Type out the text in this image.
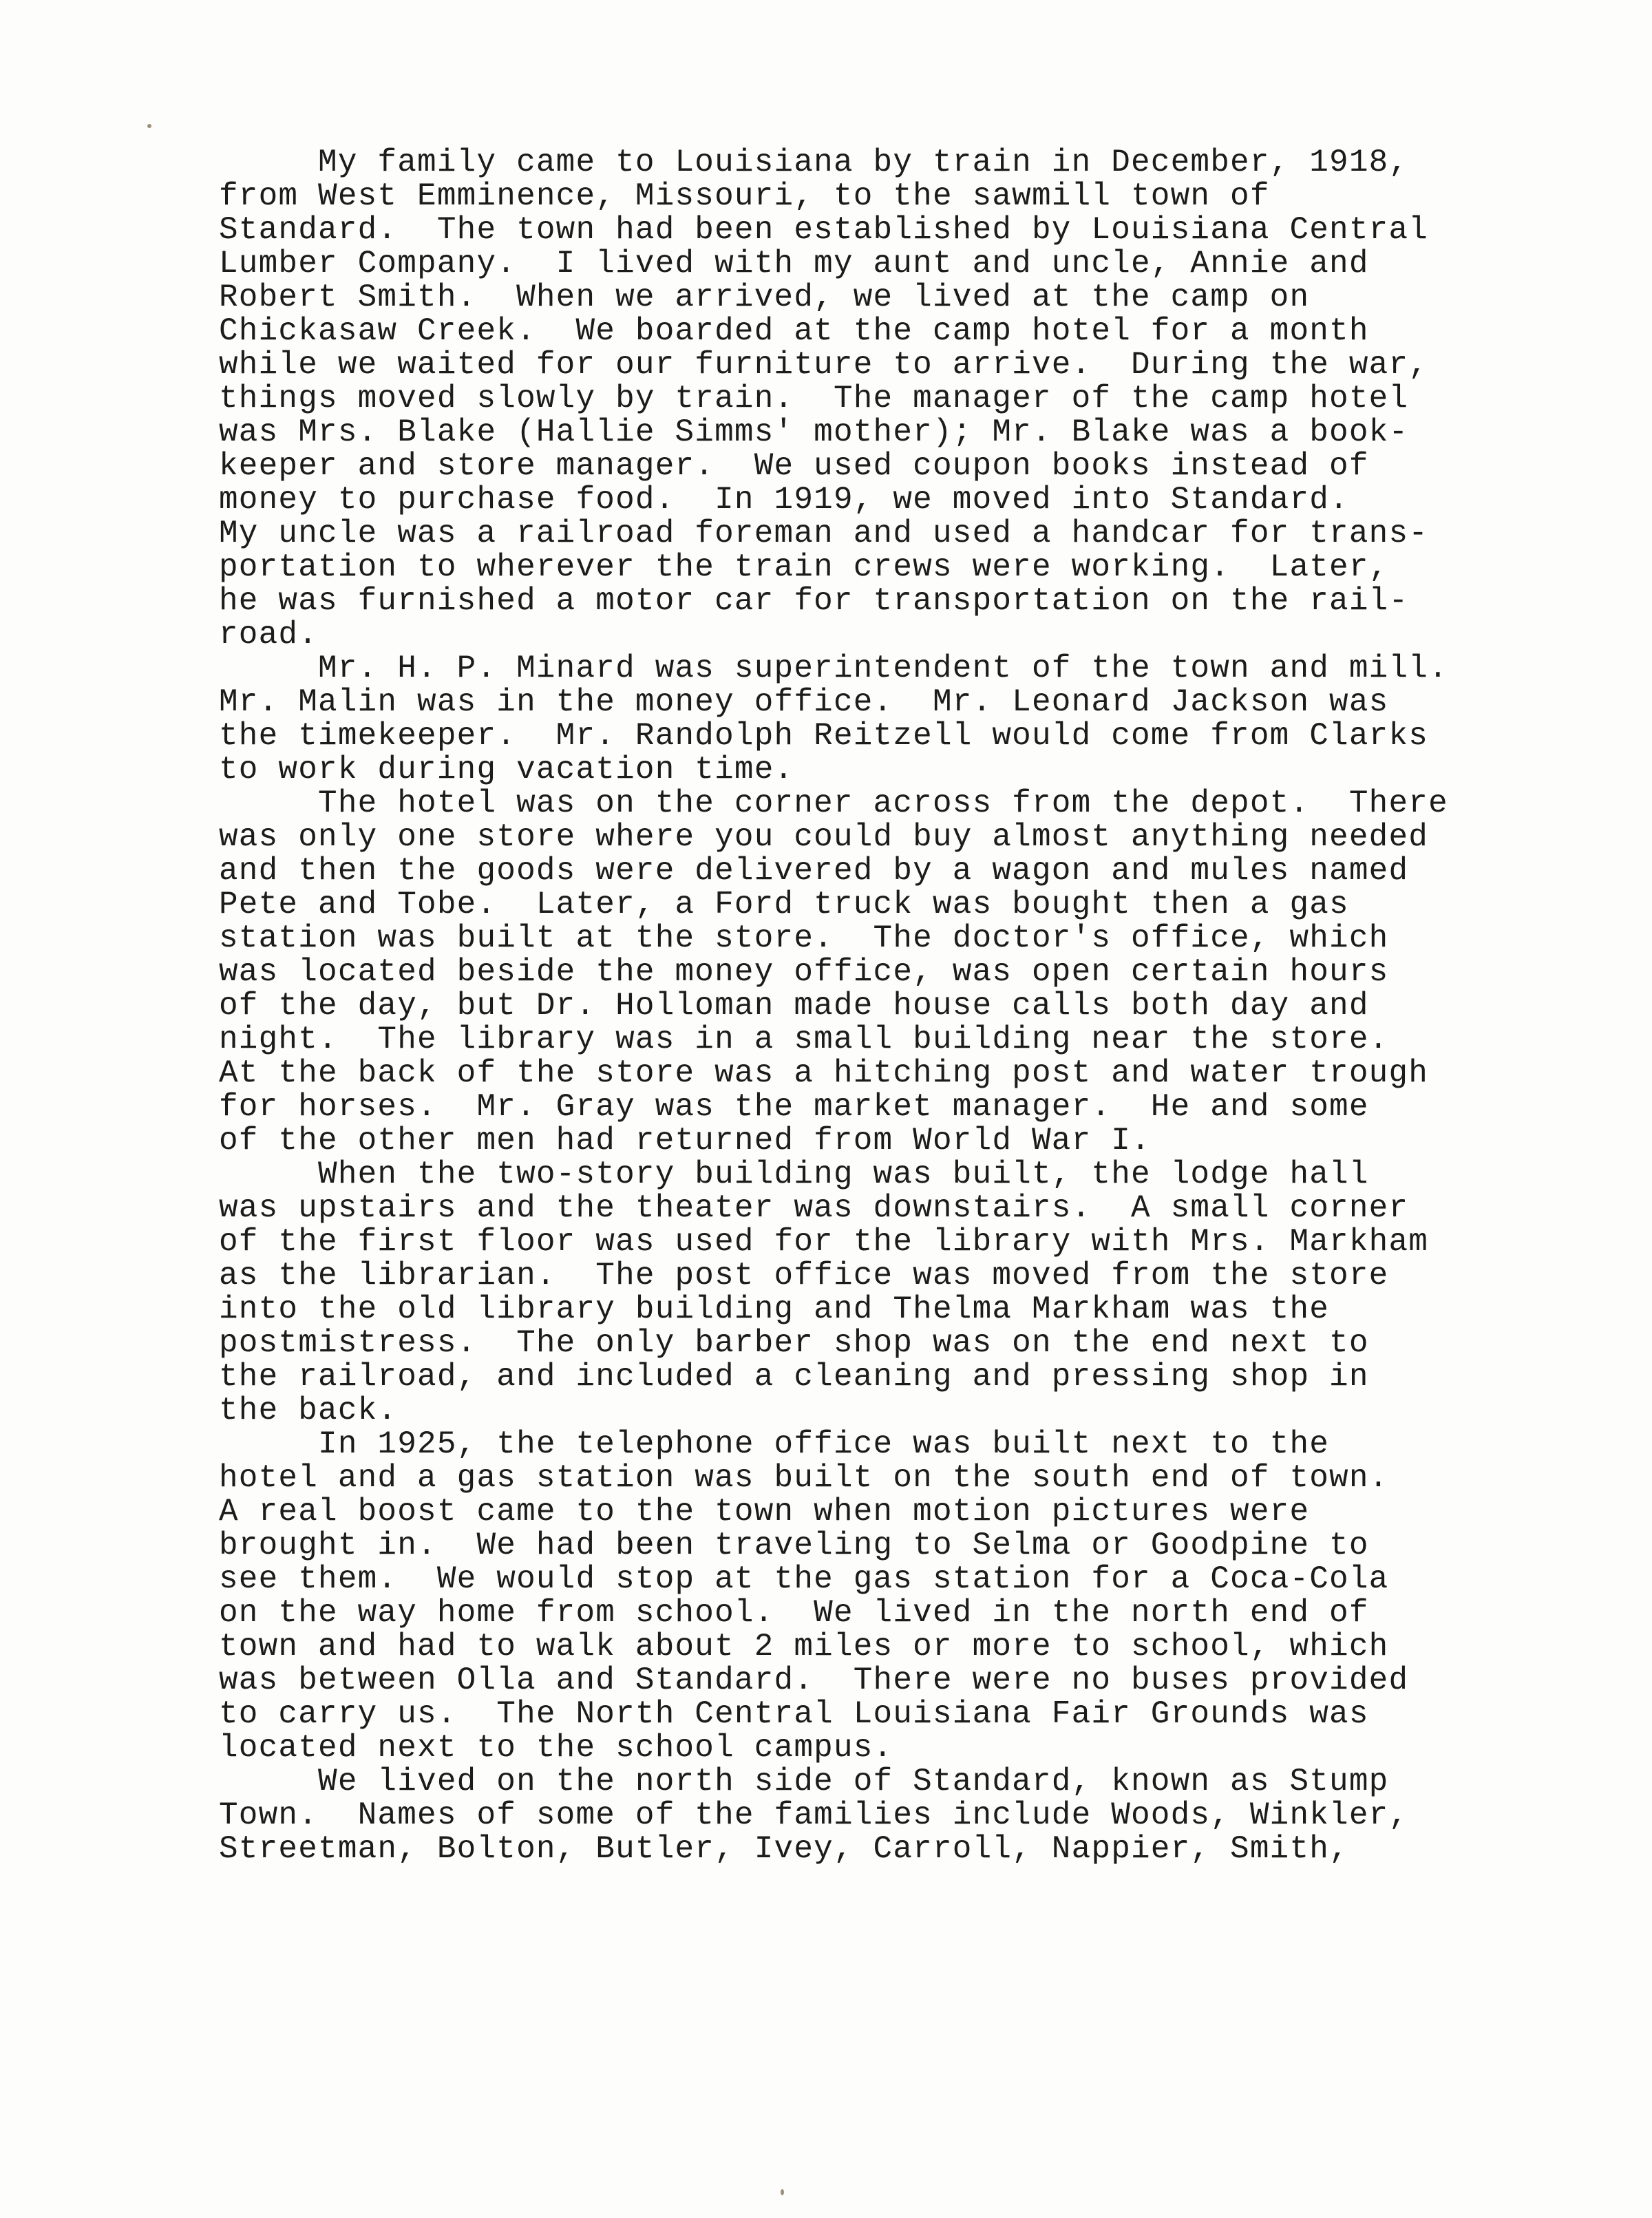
My family came to Louisiana by train in December, 1918,
from West Emminence, Missouri, to the sawmill town of
Standard.  The town had been established by Louisiana Central
Lumber Company.  I lived with my aunt and uncle, Annie and
Robert Smith.  When we arrived, we lived at the camp on
Chickasaw Creek.  We boarded at the camp hotel for a month
while we waited for our furniture to arrive.  During the war,
things moved slowly by train.  The manager of the camp hotel
was Mrs. Blake (Hallie Simms' mother); Mr. Blake was a book-
keeper and store manager.  We used coupon books instead of
money to purchase food.  In 1919, we moved into Standard.
My uncle was a railroad foreman and used a handcar for trans-
portation to wherever the train crews were working.  Later,
he was furnished a motor car for transportation on the rail-
road.
Mr. H. P. Minard was superintendent of the town and mill.
Mr. Malin was in the money office.  Mr. Leonard Jackson was
the timekeeper.  Mr. Randolph Reitzell would come from Clarks
to work during vacation time.
The hotel was on the corner across from the depot.  There
was only one store where you could buy almost anything needed
and then the goods were delivered by a wagon and mules named
Pete and Tobe.  Later, a Ford truck was bought then a gas
station was built at the store.  The doctor's office, which
was located beside the money office, was open certain hours
of the day, but Dr. Holloman made house calls both day and
night.  The library was in a small building near the store.
At the back of the store was a hitching post and water trough
for horses.  Mr. Gray was the market manager.  He and some
of the other men had returned from World War I.
When the two-story building was built, the lodge hall
was upstairs and the theater was downstairs.  A small corner
of the first floor was used for the library with Mrs. Markham
as the librarian.  The post office was moved from the store
into the old library building and Thelma Markham was the
postmistress.  The only barber shop was on the end next to
the railroad, and included a cleaning and pressing shop in
the back.
In 1925, the telephone office was built next to the
hotel and a gas station was built on the south end of town.
A real boost came to the town when motion pictures were
brought in.  We had been traveling to Selma or Goodpine to
see them.  We would stop at the gas station for a Coca-Cola
on the way home from school.  We lived in the north end of
town and had to walk about 2 miles or more to school, which
was between Olla and Standard.  There were no buses provided
to carry us.  The North Central Louisiana Fair Grounds was
located next to the school campus.
We lived on the north side of Standard, known as Stump
Town.  Names of some of the families include Woods, Winkler,
Streetman, Bolton, Butler, Ivey, Carroll, Nappier, Smith,
